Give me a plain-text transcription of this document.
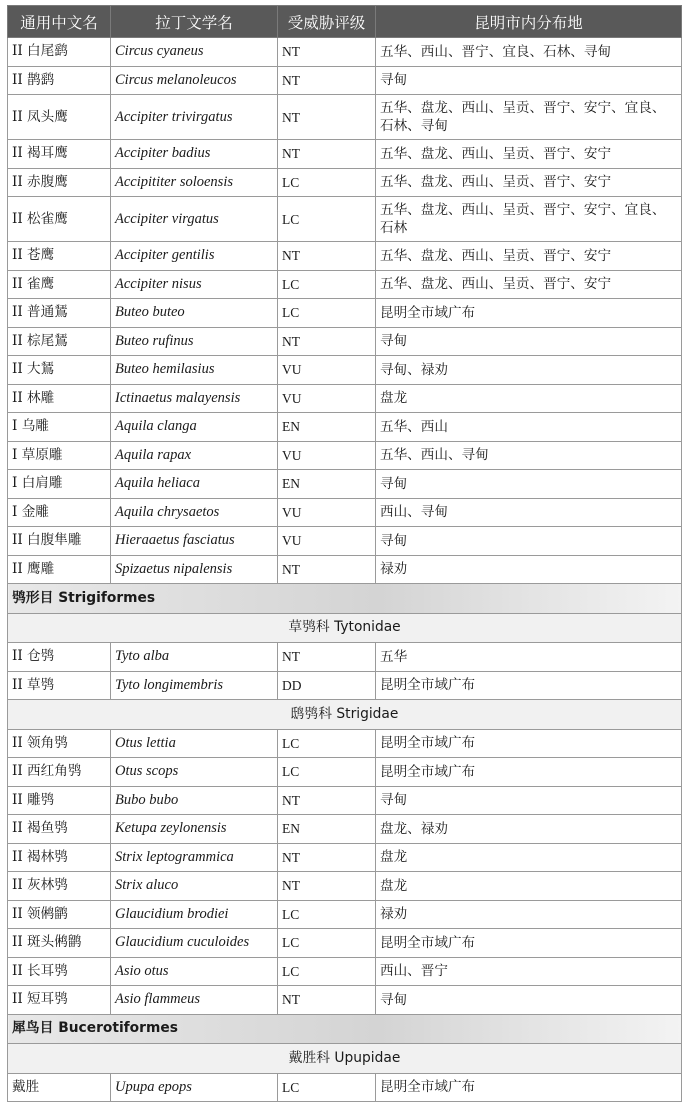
通用中文名	拉丁文学名	受威胁评级	昆明市内分布地
II 白尾鹞	Circus cyaneus	NT	五华、西山、晋宁、宜良、石林、寻甸
II 鹊鹞	Circus melanoleucos	NT	寻甸
II 凤头鹰	Accipiter trivirgatus	NT	五华、盘龙、西山、呈贡、晋宁、安宁、宜良、石林、寻甸
II 褐耳鹰	Accipiter badius	NT	五华、盘龙、西山、呈贡、晋宁、安宁
II 赤腹鹰	Accipititer soloensis	LC	五华、盘龙、西山、呈贡、晋宁、安宁
II 松雀鹰	Accipiter virgatus	LC	五华、盘龙、西山、呈贡、晋宁、安宁、宜良、石林
II 苍鹰	Accipiter gentilis	NT	五华、盘龙、西山、呈贡、晋宁、安宁
II 雀鹰	Accipiter nisus	LC	五华、盘龙、西山、呈贡、晋宁、安宁
II 普通鵟	Buteo buteo	LC	昆明全市域广布
II 棕尾鵟	Buteo rufinus	NT	寻甸
II 大鵟	Buteo hemilasius	VU	寻甸、禄劝
II 林雕	Ictinaetus malayensis	VU	盘龙
I 乌雕	Aquila clanga	EN	五华、西山
I 草原雕	Aquila rapax	VU	五华、西山、寻甸
I 白肩雕	Aquila heliaca	EN	寻甸
I 金雕	Aquila chrysaetos	VU	西山、寻甸
II 白腹隼雕	Hieraaetus fasciatus	VU	寻甸
II 鹰雕	Spizaetus nipalensis	NT	禄劝
鸮形目 Strigiformes			
草鸮科 Tytonidae			
II 仓鸮	Tyto alba	NT	五华
II 草鸮	Tyto longimembris	DD	昆明全市域广布
鸱鸮科 Strigidae			
II 领角鸮	Otus lettia	LC	昆明全市域广布
II 西红角鸮	Otus scops	LC	昆明全市域广布
II 雕鸮	Bubo bubo	NT	寻甸
II 褐鱼鸮	Ketupa zeylonensis	EN	盘龙、禄劝
II 褐林鸮	Strix leptogrammica	NT	盘龙
II 灰林鸮	Strix aluco	NT	盘龙
II 领鸺鹠	Glaucidium brodiei	LC	禄劝
II 斑头鸺鹠	Glaucidium cuculoides	LC	昆明全市域广布
II 长耳鸮	Asio otus	LC	西山、晋宁
II 短耳鸮	Asio flammeus	NT	寻甸
犀鸟目 Bucerotiformes			
戴胜科 Upupidae			
戴胜	Upupa epops	LC	昆明全市域广布
